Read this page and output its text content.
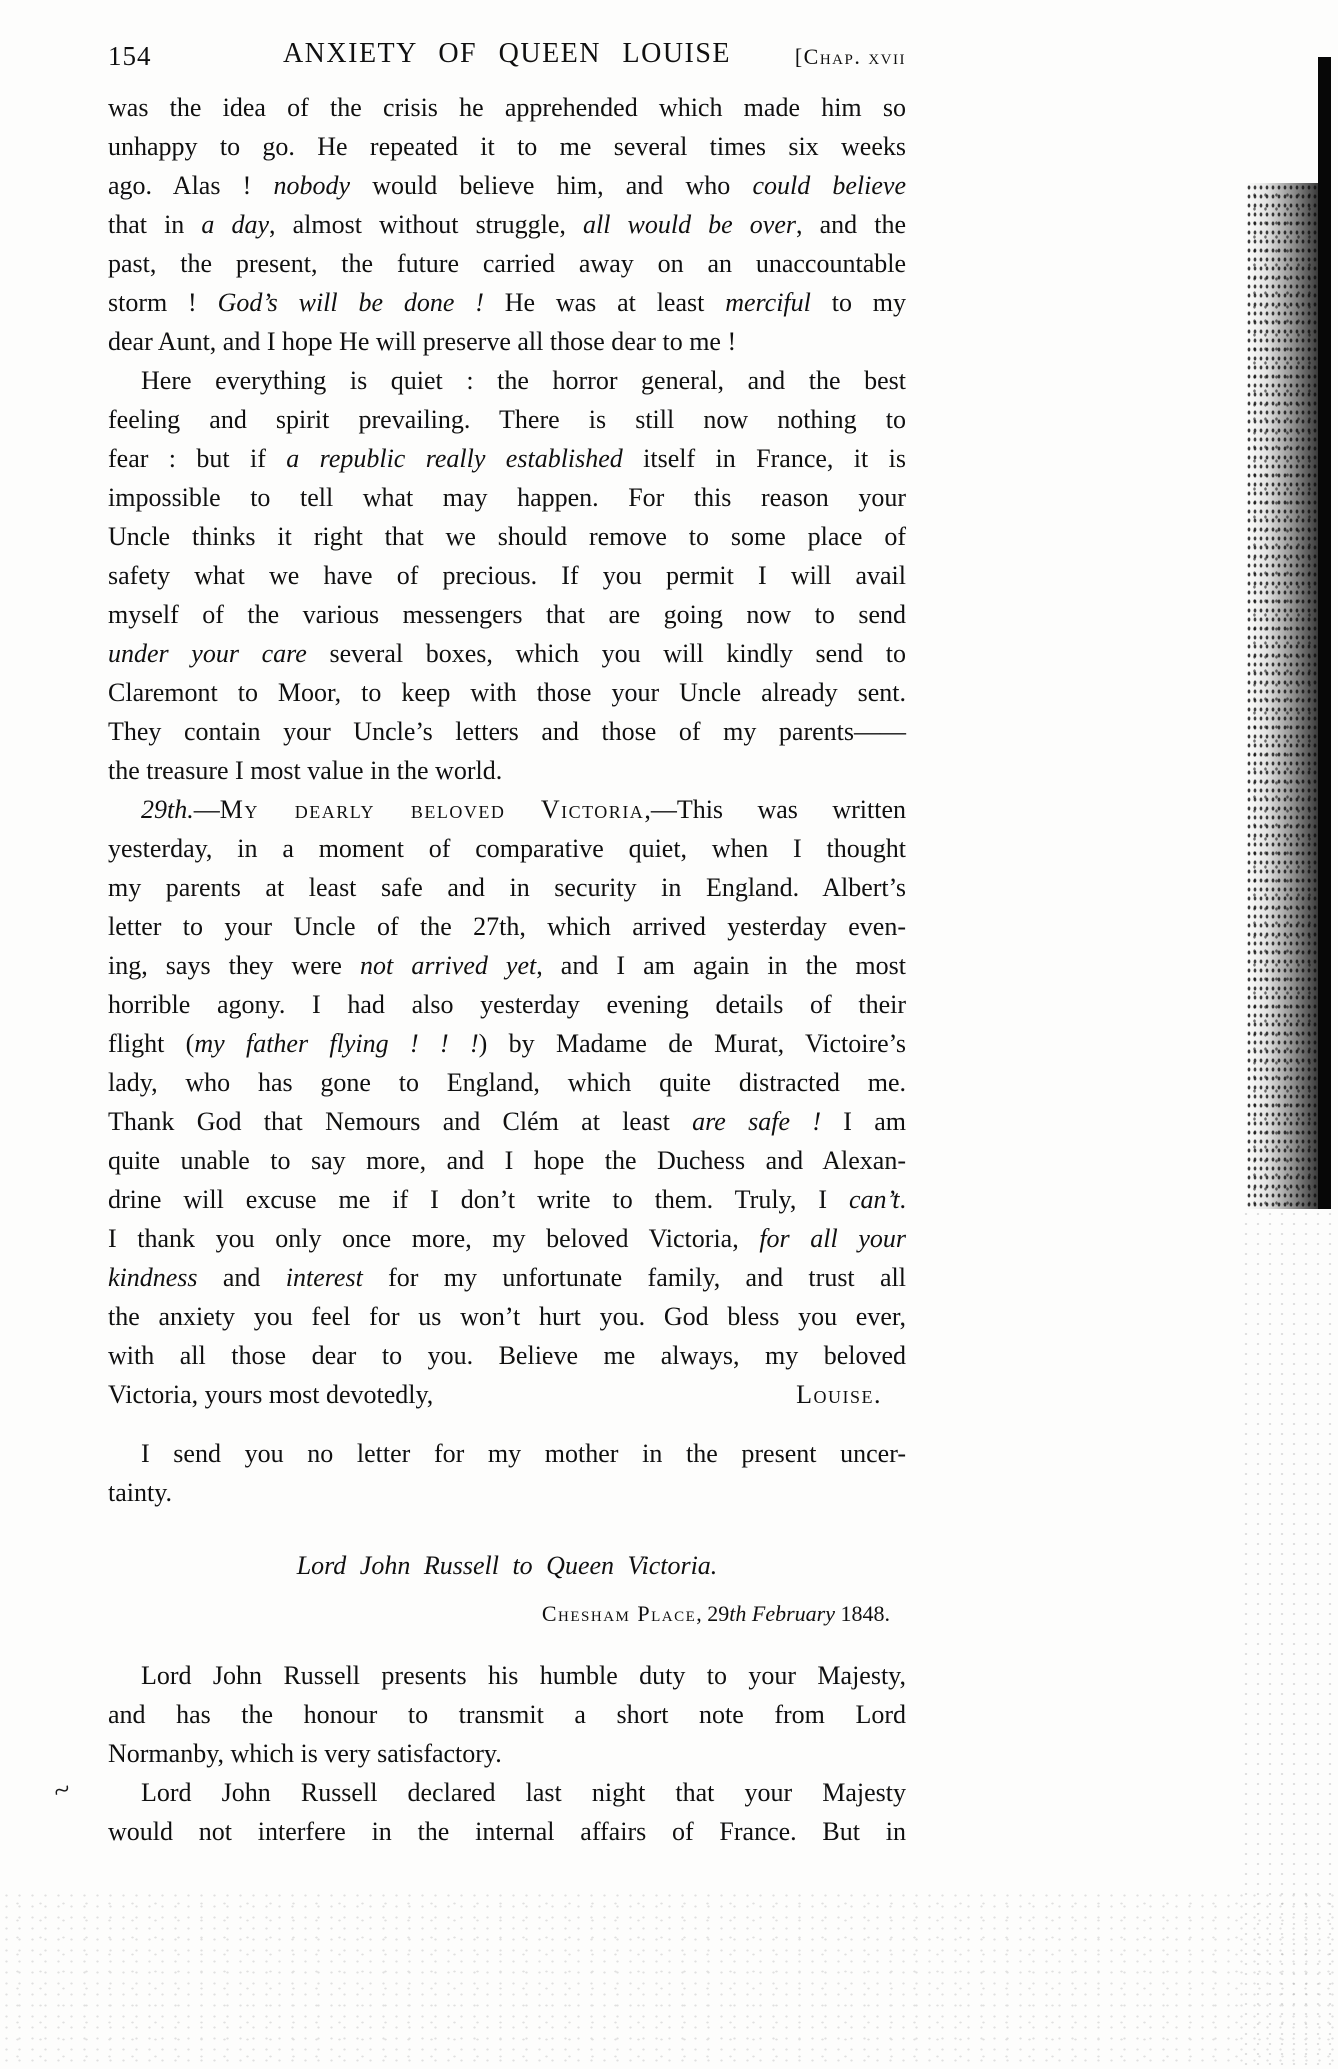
154	ANXIETY OF QUEEN LOUISE	[Chap. xvii
was the idea of the crisis he apprehended which made him so
unhappy to go. He repeated it to me several times six weeks
ago. Alas ! nobody would believe him, and who could believe
that in a day, almost without struggle, all would be over, and the
past, the present, the future carried away on an unaccountable
storm ! God’s will be done ! He was at least merciful to my
dear Aunt, and I hope He will preserve all those dear to me !
Here everything is quiet : the horror general, and the best
feeling and spirit prevailing. There is still now nothing to
fear : but if a republic really established itself in France, it is
impossible to tell what may happen. For this reason your
Uncle thinks it right that we should remove to some place of
safety what we have of precious. If you permit I will avail
myself of the various messengers that are going now to send
under your care several boxes, which you will kindly send to
Claremont to Moor, to keep with those your Uncle already sent.
They contain your Uncle’s letters and those of my parents——
the treasure I most value in the world.
29th.—My dearly beloved Victoria,—This was written
yesterday, in a moment of comparative quiet, when I thought
my parents at least safe and in security in England. Albert’s
letter to your Uncle of the 27th, which arrived yesterday even-
ing, says they were not arrived yet, and I am again in the most
horrible agony. I had also yesterday evening details of their
flight (my father flying ! ! !) by Madame de Murat, Victoire’s
lady, who has gone to England, which quite distracted me.
Thank God that Nemours and Clém at least are safe ! I am
quite unable to say more, and I hope the Duchess and Alexan-
drine will excuse me if I don’t write to them. Truly, I can’t.
I thank you only once more, my beloved Victoria, for all your
kindness and interest for my unfortunate family, and trust all
the anxiety you feel for us won’t hurt you. God bless you ever,
with all those dear to you. Believe me always, my beloved
Victoria, yours most devotedly,	Louise.
I send you no letter for my mother in the present uncer-
tainty.
Lord John Russell to Queen Victoria.
Chesham Place, 29th February 1848.
Lord John Russell presents his humble duty to your Majesty,
and has the honour to transmit a short note from Lord
Normanby, which is very satisfactory.
Lord John Russell declared last night that your Majesty
would not interfere in the internal affairs of France. But in
~
